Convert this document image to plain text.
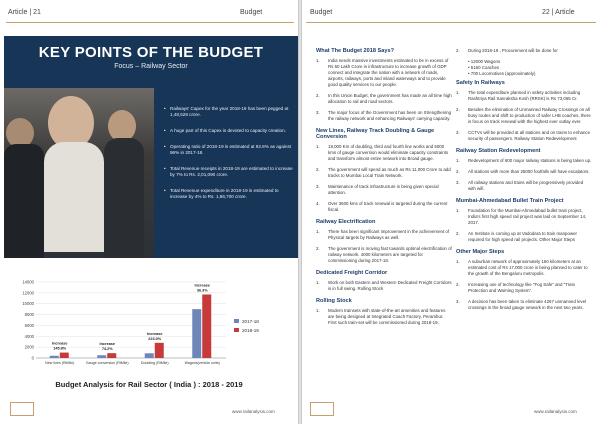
Article | 21	Budget
KEY POINTS OF THE BUDGET
Focus – Railway Sector
• Railways' Capex for the year 2018-19 has been pegged at 1,48,528 crore.
• A huge part of this Capex is devoted to capacity creation.
• Operating ratio of 2018-19 is estimated at 92.8% as against 96% in 2017-18.
• Total Revenue receipts in 2018-19 are estimated to increase by 7% to Rs. 2,01,090 crore.
• Total Revenue expenditure in 2018-19 is estimated to increase by 4% to Rs. 1,86,700 crore.
0
2000
4000
6000
8000
10000
12000
14000
New lines (RtMlle)
Increase
145.8%
Gauge conversion (RtMlle)
Increase
74.2%
Doubling (RtMlle)
Increase
223.0%
Wagons(vehicle units)
Increase
36.3%
2017-18
2018-19
Budget Analysis for Rail Sector ( India ) : 2018 - 2019
www.railanalysis.com
Budget	22 | Article
What The Budget 2018 Says?
1.	India needs massive investments estimated to be in excess of Rs 50 Lakh Crore in infrastructure to increase growth of GDP connect and integrate the nation with a network of roads, airports, railways, ports and inland waterways and to provide good quality services to our people.
2.	In this Union Budget, the government has made an all time high allocation to rail and road sectors.
3.	The major focus of the Government has been on Strengthening the railway network and enhancing Railways' carrying capacity.
New Lines, Railway Track Doubling & Gauge Conversion
1.	18,000 Km of doubling, third and fourth line works and 5000 kms of gauge conversion would eliminate capacity constraints and transform almost entire network into Broad gauge.
2.	The government will spend as much as Rs 11,000 Crore to add tracks to Mumbai Local Train Network.
3.	Maintenance of track infrastructure is being given special attention.
4.	Over 3600 kms of track renewal is targeted during the current fiscal.
Railway Electrification
1.	There has been significant improvement in the achievement of Physical targets by Railways as well.
2.	The government is moving fast towards optimal electrification of railway network. 4000 kilometers are targeted for commissioning during 2017-18.
Dedicated Freight Corridor
1.	Work on both Eastern and Western Dedicated Freight Corridors is in full swing. Rolling Stock
Rolling Stock
1.	Modern trainsets with state-of-the-art amenities and features are being designed at Integrated Coach Factory, Perambur. First such train-set will be commissioned during 2018-19.
2.	During 2018-19 , Procurement will be done for
• 12000 Wagons
• 5160 Coaches
• 700 Locomotives (approximately)
Safety In Railways
1.	The total expenditure planned in safety activities including Rashtriya Rail Sanraksha Kosh (RRSK) is Rs 73,065 Cr.
2.	Besides the elimination of Unmanned Railway Crossings on all busy routes and shift to production of safer LHB coaches, there is focus on track renewal with the highest ever outlay ever.
3.	CCTVs will be provided at all stations and on trains to enhance security of passengers. Railway Station Redevelopment
Railway Station Redevelopment
1.	Redevelopment of 600 major railway stations is being taken up.
2.	All stations with more than 25000 footfalls will have escalators.
3.	All railway stations and trains will be progressively provided with wifi.
Mumbai-Ahmedabad Bullet Train Project
1.	Foundation for the Mumbai-Ahmedabad bullet train project, India's first high speed rail project was laid on September 14, 2017.
2.	An Institute is coming up at Vadodara to train manpower required for high speed rail projects. Other Major Steps
Other Major Steps
1.	A suburban network of approximately 160 kilometers at an estimated cost of Rs 17,000 crore is being planned to cater to the growth of the Bengaluru metropolis.
2.	Increasing use of technology like "Fog Safe" and "Train Protection and Warning System".
3.	A decision has been taken to eliminate 4267 unmanned level crossings in the broad gauge network in the next two years.
www.railanalysis.com
